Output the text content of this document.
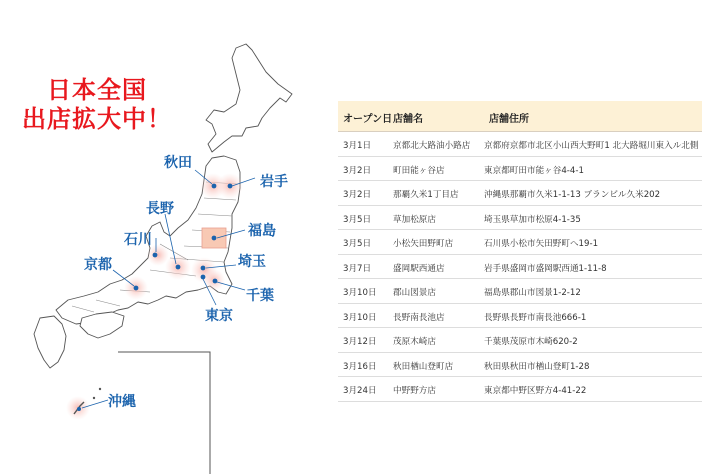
日本全国
出店拡大中！
秋田
岩手
長野
石川
福島
京都	埼玉
千葉
東京
沖縄
オープン日 店舗名	店舗住所
3月1日	京都北大路油小路店 京都府京都市北区小山西大野町1 北大路堀川東入ル北側
3月2日	町田能ヶ谷店	東京都町田市能ヶ谷4-4-1
3月2日	那覇久米1丁目店	沖縄県那覇市久米1-1-13 ブランビル久米202
3月5日	草加松原店	埼玉県草加市松原4-1-35
3月5日	小松矢田野町店	石川県小松市矢田野町へ19-1
3月7日	盛岡駅西通店	岩手県盛岡市盛岡駅西通1-11-8
3月10日 郡山図景店	福島県郡山市図景1-2-12
3月10日 長野南長池店	長野県長野市南長池666-1
3月12日 茂原木崎店	千葉県茂原市木崎620-2
3月16日 秋田楢山登町店	秋田県秋田市楢山登町1-28
3月24日 中野野方店	東京都中野区野方4-41-22
